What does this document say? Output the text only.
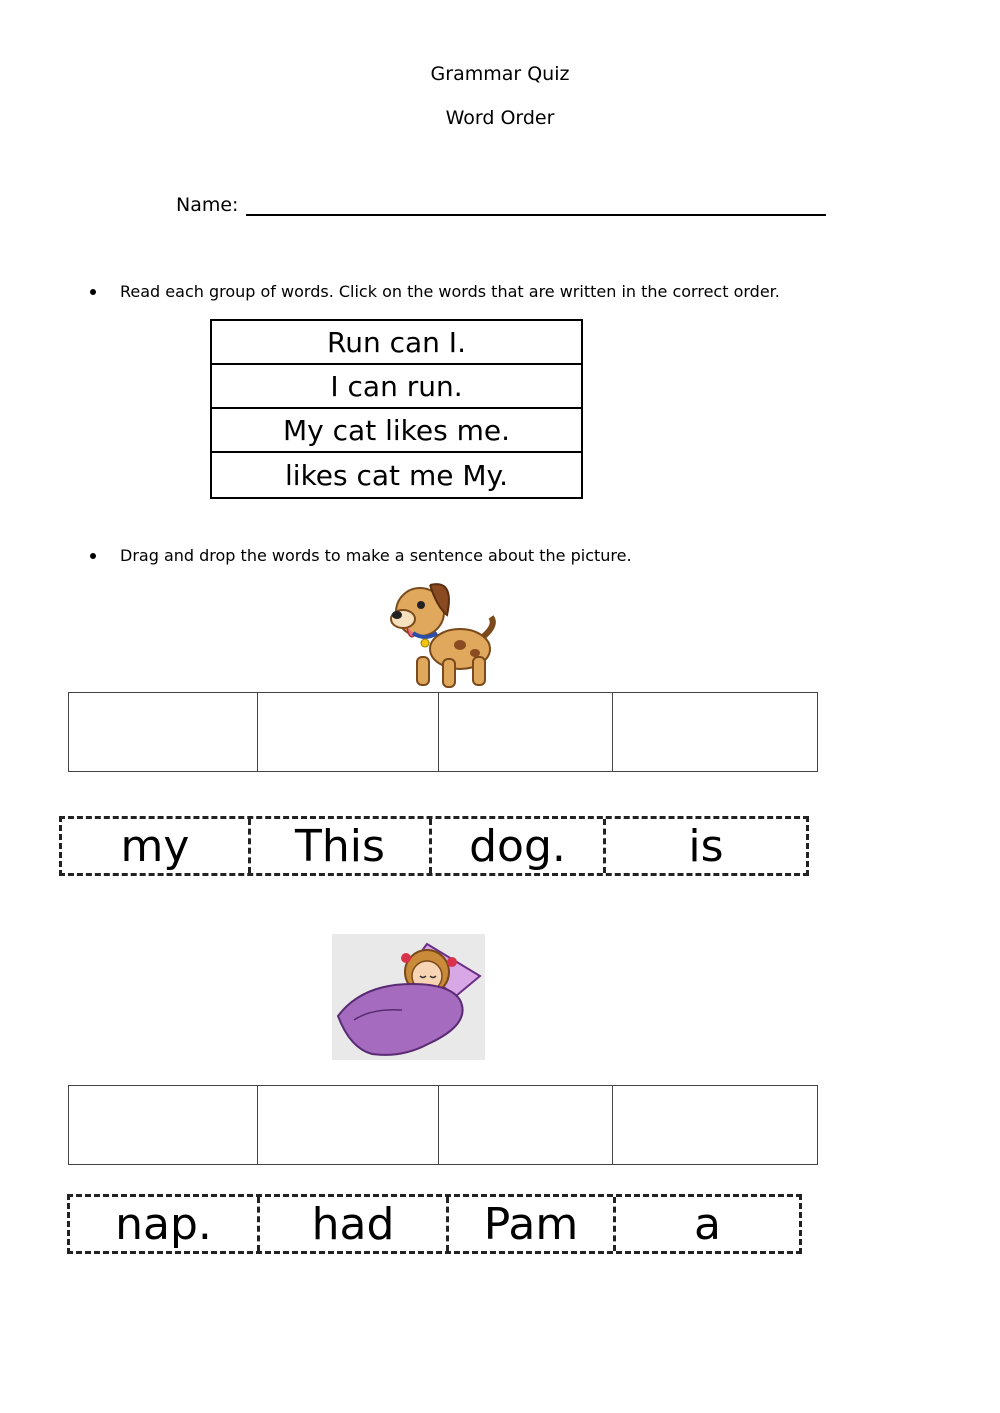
Grammar Quiz
Word Order
Name:
Read each group of words. Click on the words that are written in the correct order.
Run can I.
I can run.
My cat likes me.
likes cat me My.
Drag and drop the words to make a sentence about the picture.
my	This	dog.	is
nap.	had	Pam	a
